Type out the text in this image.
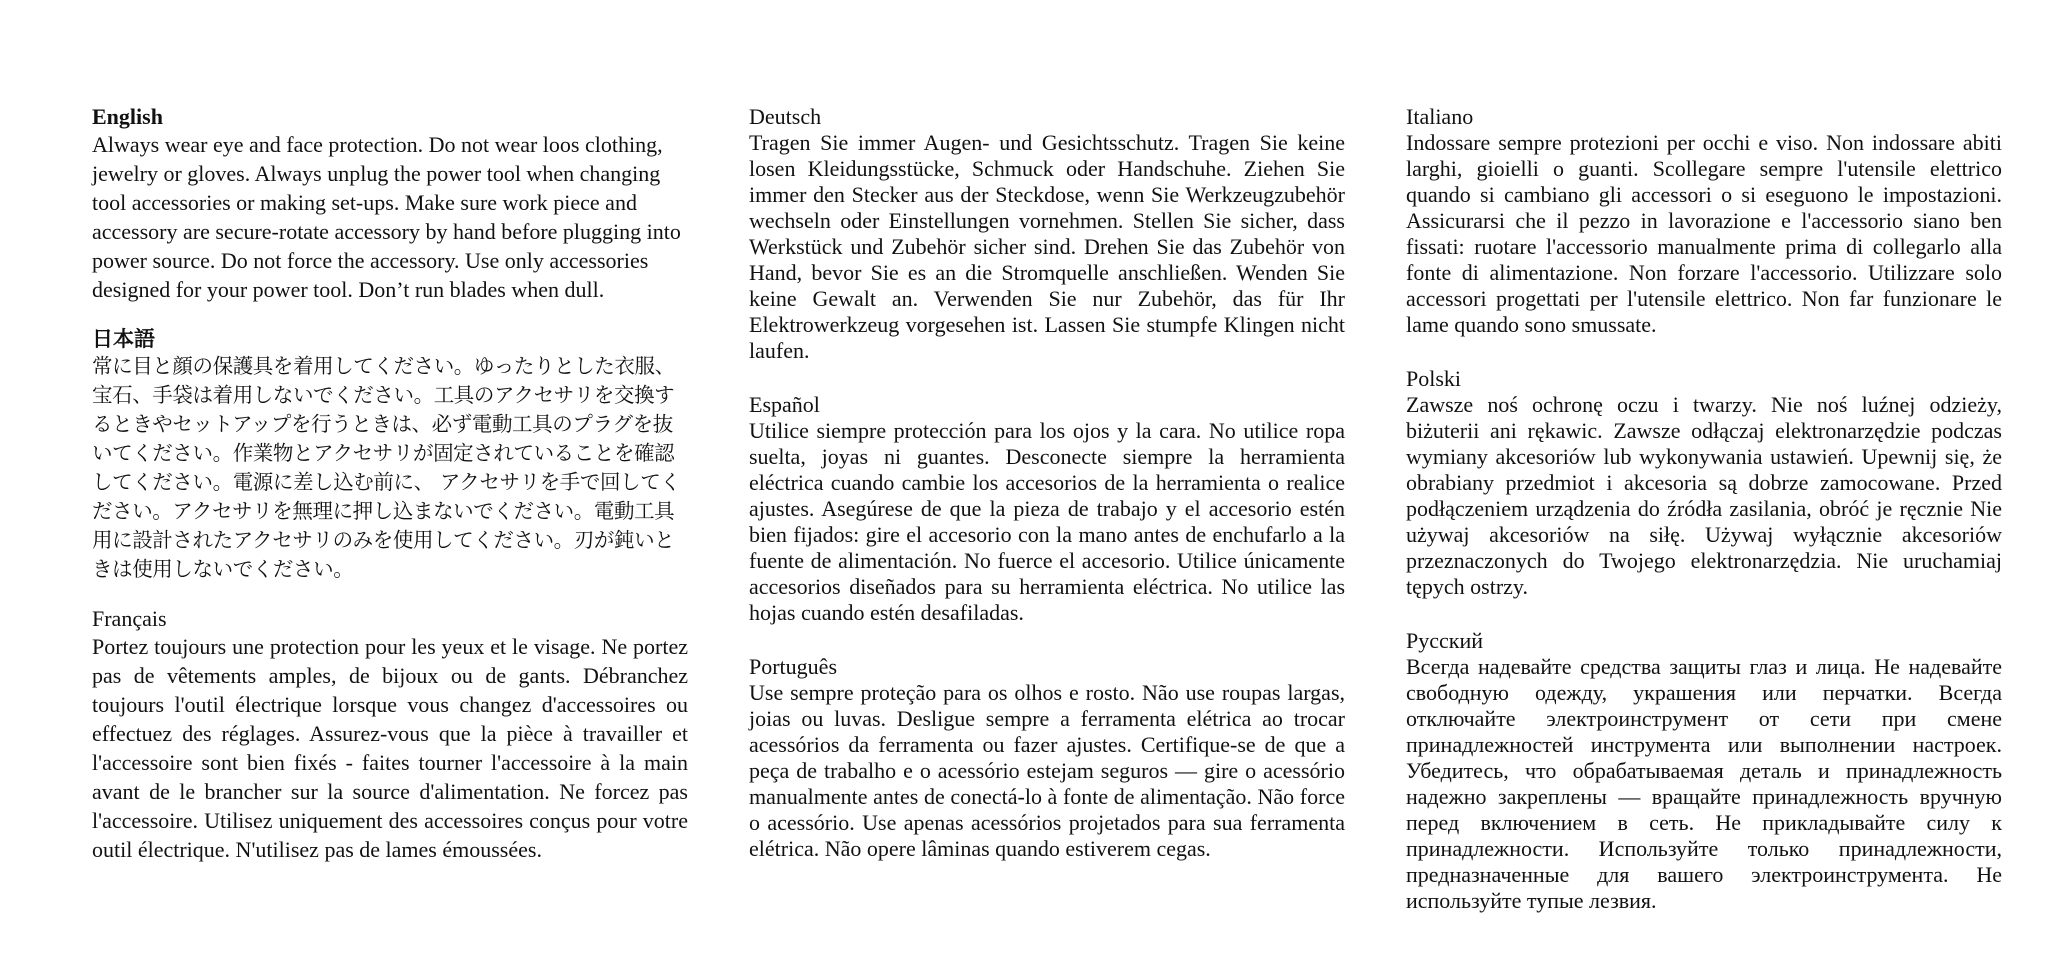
English

Always wear eye and face protection. Do not wear loos clothing, jewelry or gloves. Always unplug the power tool when changing tool accessories or making set-ups. Make sure work piece and accessory are secure-rotate accessory by hand before plugging into power source. Do not force the accessory. Use only accessories designed for your power tool. Don’t run blades when dull.

日本語

常に目と顔の保護具を着用してください。ゆったりとした衣服、宝石、手袋は着用しないでください。工具のアクセサリを交換するときやセットアップを行うときは、必ず電動工具のプラグを抜いてください。作業物とアクセサリが固定されていることを確認してください。電源に差し込む前に、 アクセサリを手で回してください。アクセサリを無理に押し込まないでください。電動工具用に設計されたアクセサリのみを使用してください。刃が鈍いときは使用しないでください。

Français

Portez toujours une protection pour les yeux et le visage. Ne portez pas de vêtements amples, de bijoux ou de gants. Débranchez toujours l'outil électrique lorsque vous changez d'accessoires ou effectuez des réglages. Assurez-vous que la pièce à travailler et l'accessoire sont bien fixés - faites tourner l'accessoire à la main avant de le brancher sur la source d'alimentation. Ne forcez pas l'accessoire. Utilisez uniquement des accessoires conçus pour votre outil électrique. N'utilisez pas de lames émoussées.

Deutsch

Tragen Sie immer Augen- und Gesichtsschutz. Tragen Sie keine losen Kleidungsstücke, Schmuck oder Handschuhe. Ziehen Sie immer den Stecker aus der Steckdose, wenn Sie Werkzeugzubehör wechseln oder Einstellungen vornehmen. Stellen Sie sicher, dass Werkstück und Zubehör sicher sind. Drehen Sie das Zubehör von Hand, bevor Sie es an die Stromquelle anschließen. Wenden Sie keine Gewalt an. Verwenden Sie nur Zubehör, das für Ihr Elektrowerkzeug vorgesehen ist. Lassen Sie stumpfe Klingen nicht laufen.

Español

Utilice siempre protección para los ojos y la cara. No utilice ropa suelta, joyas ni guantes. Desconecte siempre la herramienta eléctrica cuando cambie los accesorios de la herramienta o realice ajustes. Asegúrese de que la pieza de trabajo y el accesorio estén bien fijados: gire el accesorio con la mano antes de enchufarlo a la fuente de alimentación. No fuerce el accesorio. Utilice únicamente accesorios diseñados para su herramienta eléctrica. No utilice las hojas cuando estén desafiladas.

Português

Use sempre proteção para os olhos e rosto. Não use roupas largas, joias ou luvas. Desligue sempre a ferramenta elétrica ao trocar acessórios da ferramenta ou fazer ajustes. Certifique-se de que a peça de trabalho e o acessório estejam seguros — gire o acessório manualmente antes de conectá-lo à fonte de alimentação. Não force o acessório. Use apenas acessórios projetados para sua ferramenta elétrica. Não opere lâminas quando estiverem cegas.

Italiano

Indossare sempre protezioni per occhi e viso. Non indossare abiti larghi, gioielli o guanti. Scollegare sempre l'utensile elettrico quando si cambiano gli accessori o si eseguono le impostazioni. Assicurarsi che il pezzo in lavorazione e l'accessorio siano ben fissati: ruotare l'accessorio manualmente prima di collegarlo alla fonte di alimentazione. Non forzare l'accessorio. Utilizzare solo accessori progettati per l'utensile elettrico. Non far funzionare le lame quando sono smussate.

Polski

Zawsze noś ochronę oczu i twarzy. Nie noś luźnej odzieży, biżuterii ani rękawic. Zawsze odłączaj elektronarzędzie podczas wymiany akcesoriów lub wykonywania ustawień. Upewnij się, że obrabiany przedmiot i akcesoria są dobrze zamocowane. Przed podłączeniem urządzenia do źródła zasilania, obróć je ręcznie Nie używaj akcesoriów na siłę. Używaj wyłącznie akcesoriów przeznaczonych do Twojego elektronarzędzia. Nie uruchamiaj tępych ostrzy.

Русский

Всегда надевайте средства защиты глаз и лица. Не надевайте свободную одежду, украшения или перчатки. Всегда отключайте электроинструмент от сети при смене принадлежностей инструмента или выполнении настроек. Убедитесь, что обрабатываемая деталь и принадлежность надежно закреплены — вращайте принадлежность вручную перед включением в сеть. Не прикладывайте силу к принадлежности. Используйте только принадлежности, предназначенные для вашего электроинструмента. Не используйте тупые лезвия.
